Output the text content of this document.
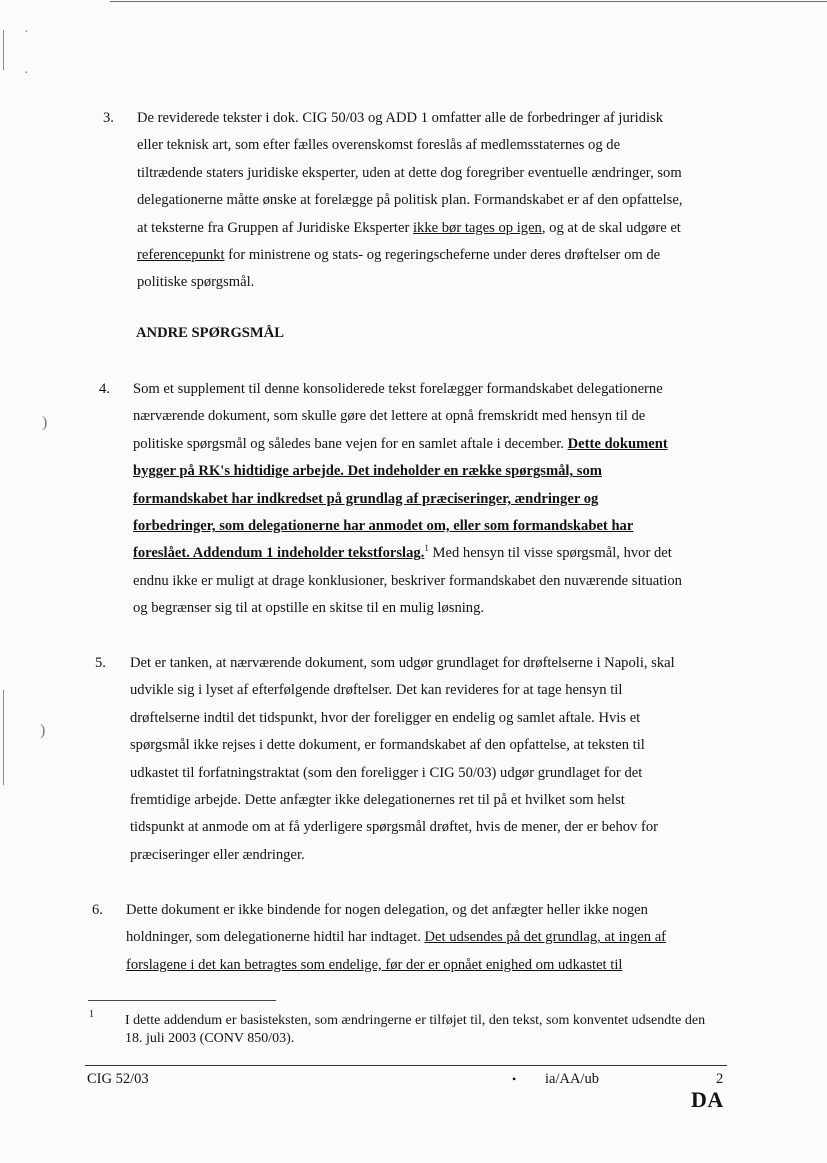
·
·
)
)
3. De reviderede tekster i dok. CIG 50/03 og ADD 1 omfatter alle de forbedringer af juridisk
eller teknisk art, som efter fælles overenskomst foreslås af medlemsstaternes og de
tiltrædende staters juridiske eksperter, uden at dette dog foregriber eventuelle ændringer, som
delegationerne måtte ønske at forelægge på politisk plan. Formandskabet er af den opfattelse,
at teksterne fra Gruppen af Juridiske Eksperter ikke bør tages op igen, og at de skal udgøre et
referencepunkt for ministrene og stats- og regeringscheferne under deres drøftelser om de
politiske spørgsmål.
ANDRE SPØRGSMÅL
4. Som et supplement til denne konsoliderede tekst forelægger formandskabet delegationerne
nærværende dokument, som skulle gøre det lettere at opnå fremskridt med hensyn til de
politiske spørgsmål og således bane vejen for en samlet aftale i december. Dette dokument
bygger på RK's hidtidige arbejde. Det indeholder en række spørgsmål, som
formandskabet har indkredset på grundlag af præciseringer, ændringer og
forbedringer, som delegationerne har anmodet om, eller som formandskabet har
foreslået. Addendum 1 indeholder tekstforslag.$^1$ Med hensyn til visse spørgsmål, hvor det
endnu ikke er muligt at drage konklusioner, beskriver formandskabet den nuværende situation
og begrænser sig til at opstille en skitse til en mulig løsning.
5. Det er tanken, at nærværende dokument, som udgør grundlaget for drøftelserne i Napoli, skal
udvikle sig i lyset af efterfølgende drøftelser. Det kan revideres for at tage hensyn til
drøftelserne indtil det tidspunkt, hvor der foreligger en endelig og samlet aftale. Hvis et
spørgsmål ikke rejses i dette dokument, er formandskabet af den opfattelse, at teksten til
udkastet til forfatningstraktat (som den foreligger i CIG 50/03) udgør grundlaget for det
fremtidige arbejde. Dette anfægter ikke delegationernes ret til på et hvilket som helst
tidspunkt at anmode om at få yderligere spørgsmål drøftet, hvis de mener, der er behov for
præciseringer eller ændringer.
6. Dette dokument er ikke bindende for nogen delegation, og det anfægter heller ikke nogen
holdninger, som delegationerne hidtil har indtaget. Det udsendes på det grundlag, at ingen af
forslagene i det kan betragtes som endelige, før der er opnået enighed om udkastet til
1 I dette addendum er basisteksten, som ændringerne er tilføjet til, den tekst, som konventet udsendte den 18. juli 2003 (CONV 850/03).
CIG 52/03	• ia/AA/ub	2
DA
